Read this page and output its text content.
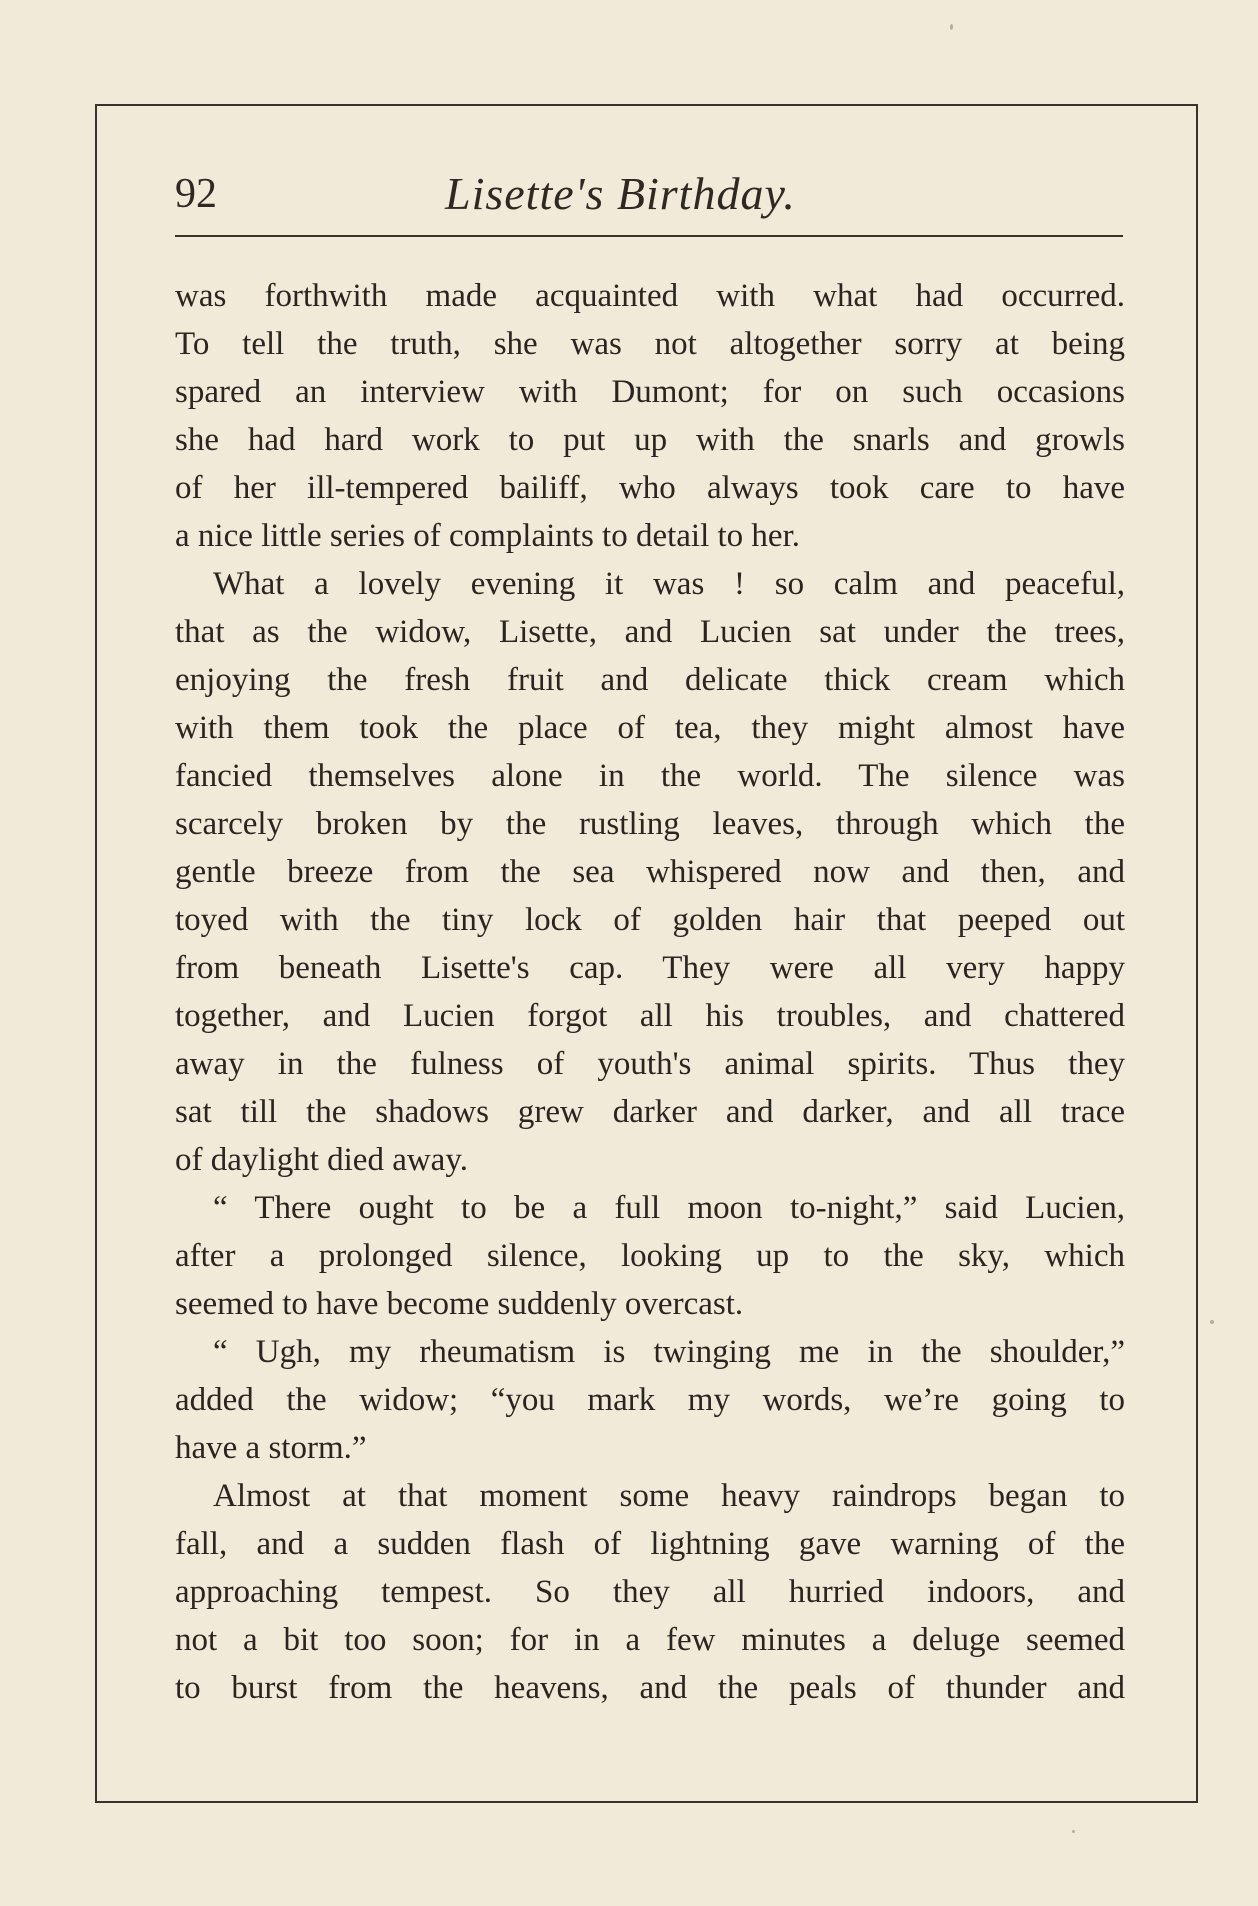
92	Lisette's Birthday.
was forthwith made acquainted with what had occurred.
To tell the truth, she was not altogether sorry at being
spared an interview with Dumont; for on such occasions
she had hard work to put up with the snarls and growls
of her ill-tempered bailiff, who always took care to have
a nice little series of complaints to detail to her.
What a lovely evening it was ! so calm and peaceful,
that as the widow, Lisette, and Lucien sat under the trees,
enjoying the fresh fruit and delicate thick cream which
with them took the place of tea, they might almost have
fancied themselves alone in the world. The silence was
scarcely broken by the rustling leaves, through which the
gentle breeze from the sea whispered now and then, and
toyed with the tiny lock of golden hair that peeped out
from beneath Lisette's cap. They were all very happy
together, and Lucien forgot all his troubles, and chattered
away in the fulness of youth's animal spirits. Thus they
sat till the shadows grew darker and darker, and all trace
of daylight died away.
“ There ought to be a full moon to-night,” said Lucien,
after a prolonged silence, looking up to the sky, which
seemed to have become suddenly overcast.
“ Ugh, my rheumatism is twinging me in the shoulder,”
added the widow; “you mark my words, we’re going to
have a storm.”
Almost at that moment some heavy raindrops began to
fall, and a sudden flash of lightning gave warning of the
approaching tempest. So they all hurried indoors, and
not a bit too soon; for in a few minutes a deluge seemed
to burst from the heavens, and the peals of thunder and
